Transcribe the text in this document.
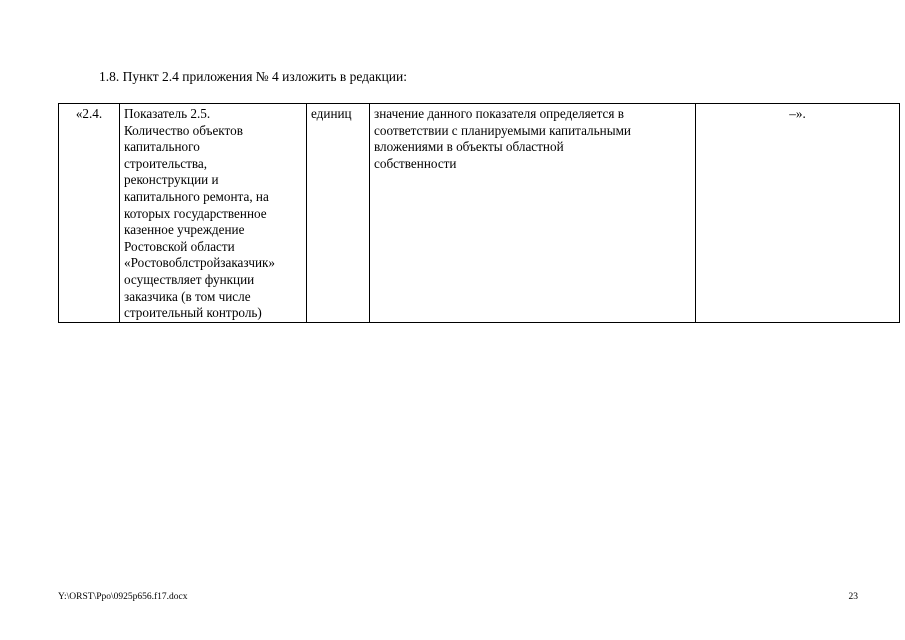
1.8. Пункт 2.4 приложения № 4 изложить в редакции:
«2.4.	Показатель 2.5.
Количество объектов
капитального
строительства,
реконструкции и
капитального ремонта, на
которых государственное
казенное учреждение
Ростовской области
«Ростовоблстройзаказчик»
осуществляет функции
заказчика (в том числе
строительный контроль)
	единиц	значение данного показателя определяется в
соответствии с планируемыми капитальными
вложениями в объекты областной
собственности
	–».
Y:\ORST\Ppo\0925p656.f17.docx	23
